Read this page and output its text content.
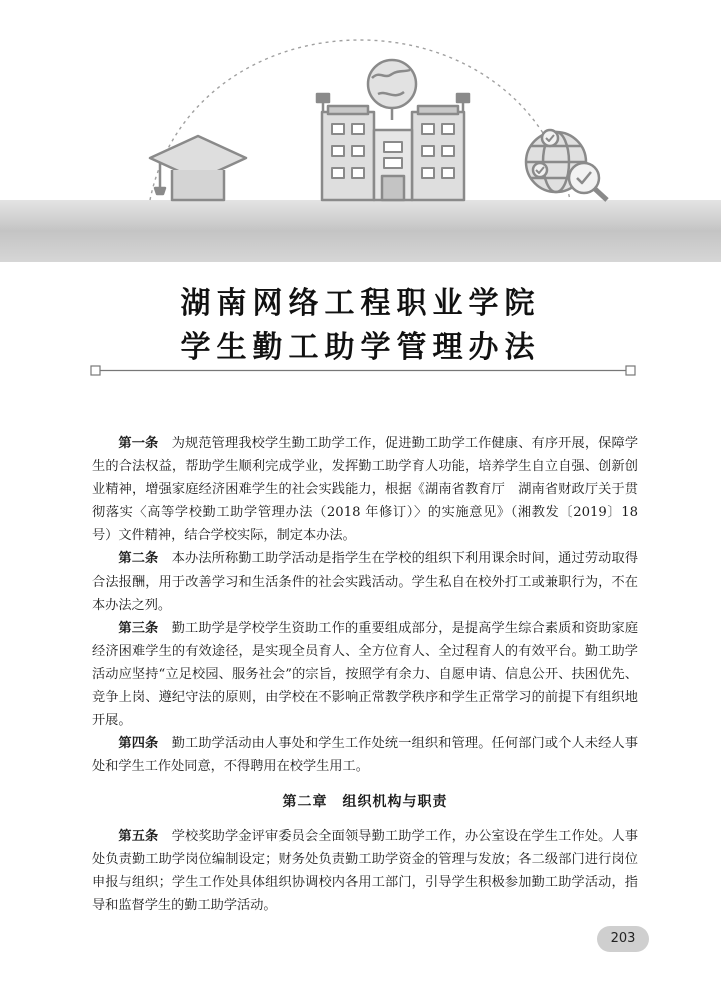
湖南网络工程职业学院
学生勤工助学管理办法

第一条　 为规范管理我校学生勤工助学工作，促进勤工助学工作健康、有序开展，保障学生的合法权益，帮助学生顺利完成学业，发挥勤工助学育人功能，培养学生自立自强、创新创业精神，增强家庭经济困难学生的社会实践能力，根据《湖南省教育厅　湖南省财政厅关于贯彻落实〈高等学校勤工助学管理办法（2018 年修订）〉的实施意见》（湘教发〔2019〕18 号）文件精神，结合学校实际，制定本办法。

第二条　 本办法所称勤工助学活动是指学生在学校的组织下利用课余时间，通过劳动取得合法报酬，用于改善学习和生活条件的社会实践活动。学生私自在校外打工或兼职行为，不在本办法之列。

第三条　 勤工助学是学校学生资助工作的重要组成部分，是提高学生综合素质和资助家庭经济困难学生的有效途径，是实现全员育人、全方位育人、全过程育人的有效平台。勤工助学活动应坚持“立足校园、服务社会”的宗旨，按照学有余力、自愿申请、信息公开、扶困优先、竞争上岗、遵纪守法的原则，由学校在不影响正常教学秩序和学生正常学习的前提下有组织地开展。

第四条　 勤工助学活动由人事处和学生工作处统一组织和管理。任何部门或个人未经人事处和学生工作处同意，不得聘用在校学生用工。

第二章　组织机构与职责

第五条　 学校奖助学金评审委员会全面领导勤工助学工作，办公室设在学生工作处。人事处负责勤工助学岗位编制设定；财务处负责勤工助学资金的管理与发放；各二级部门进行岗位申报与组织；学生工作处具体组织协调校内各用工部门，引导学生积极参加勤工助学活动，指导和监督学生的勤工助学活动。

203
